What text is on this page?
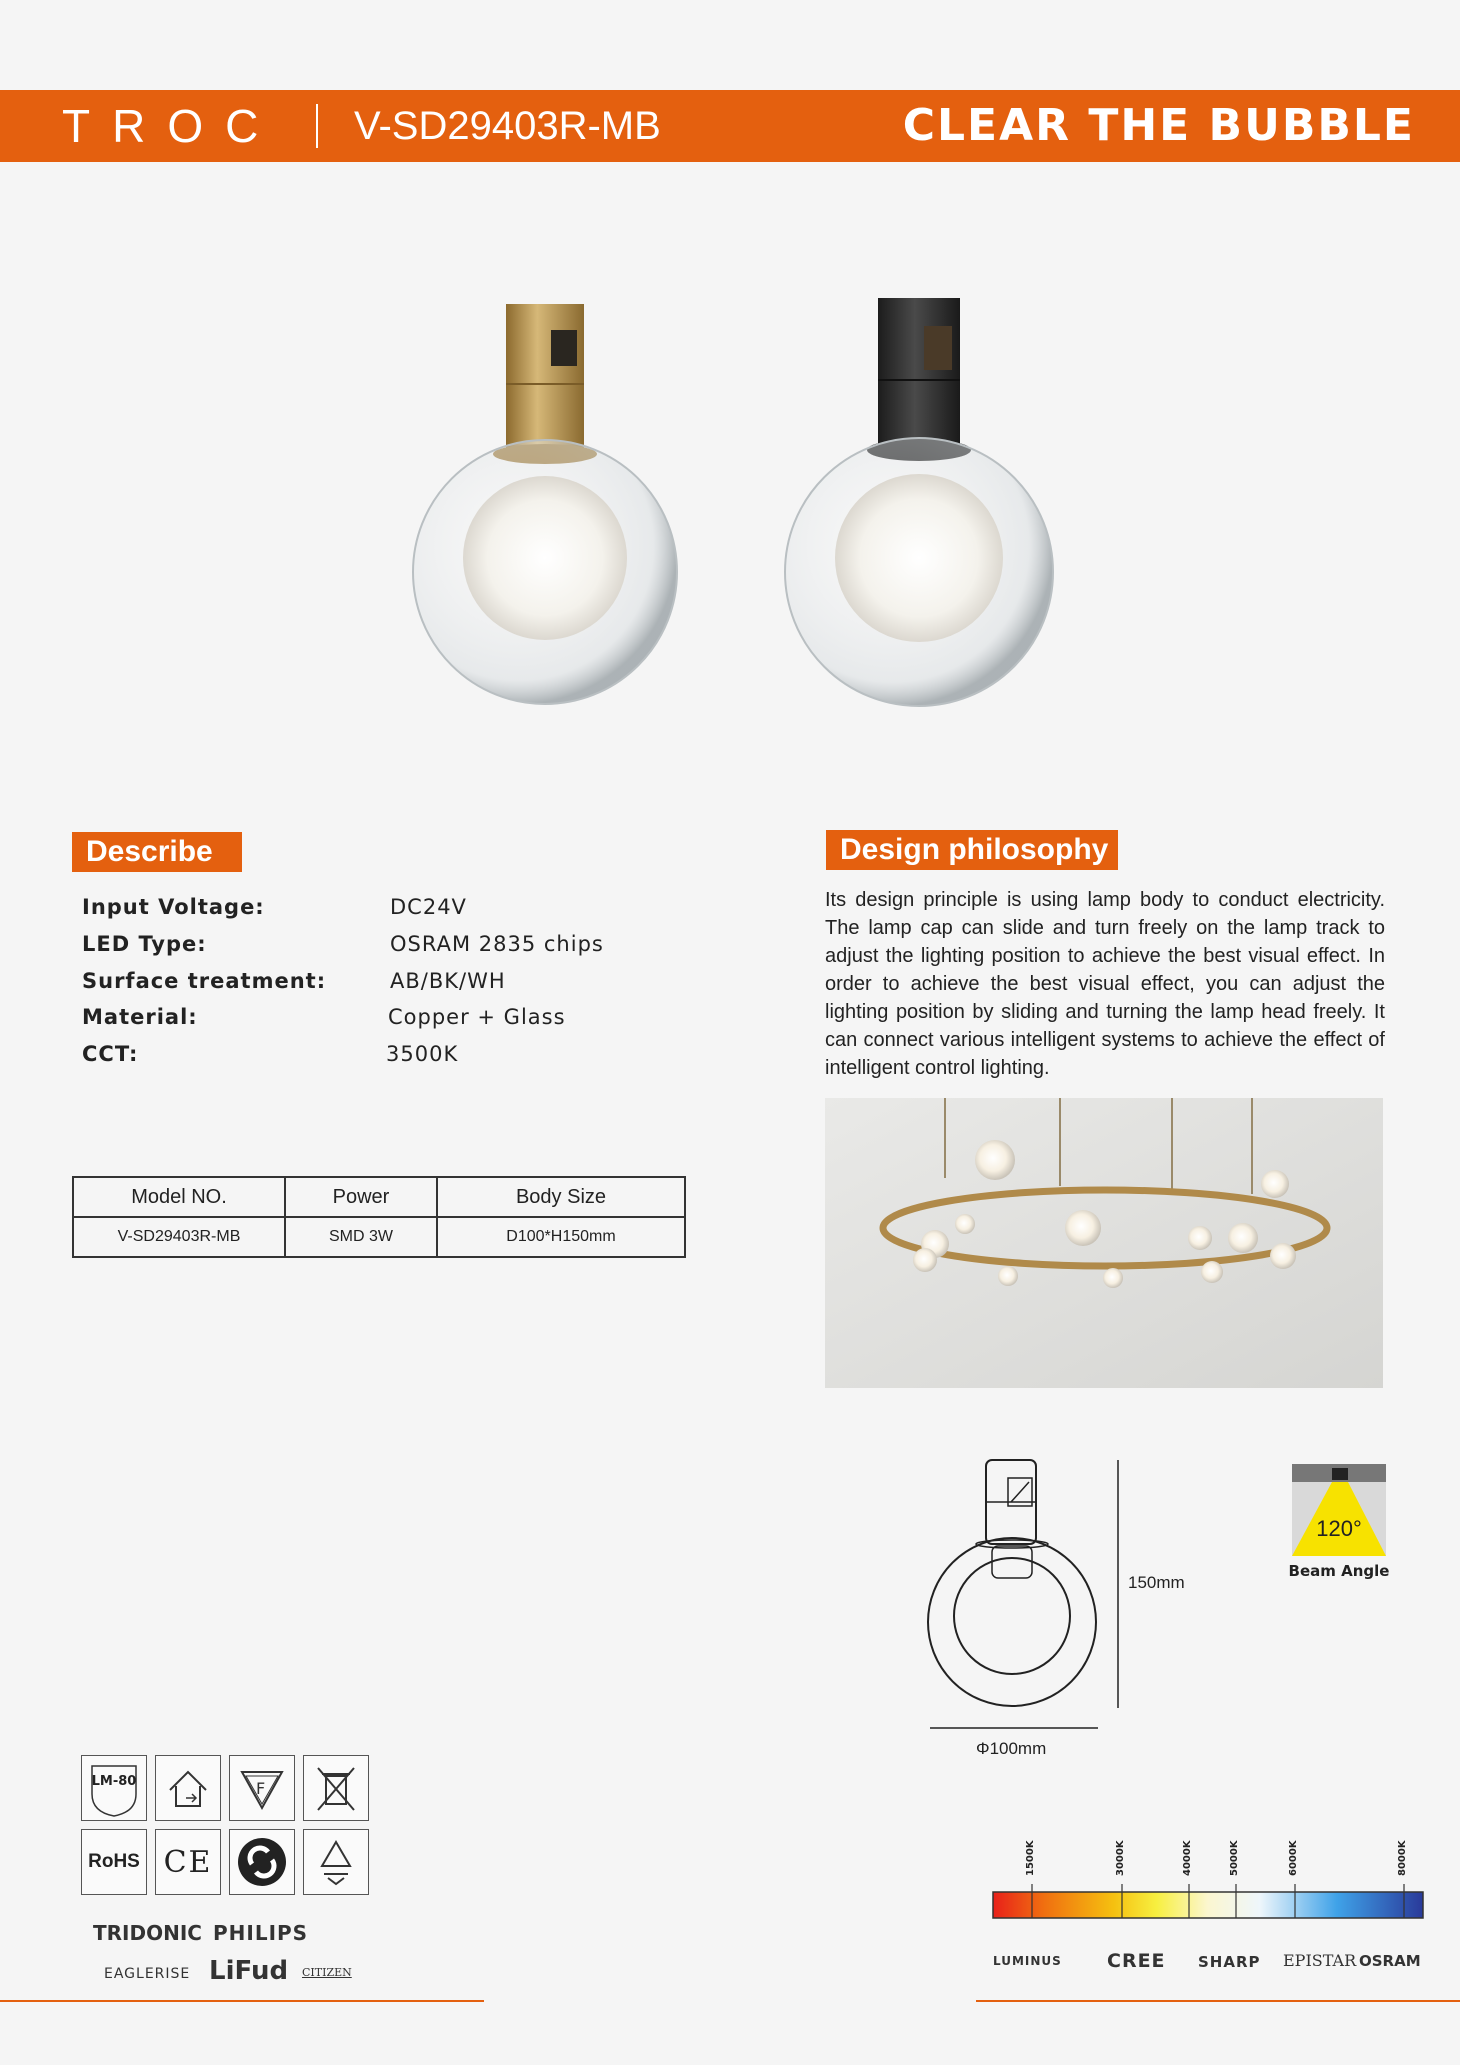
TROC V-SD29403R-MB	CLEAR THE BUBBLE
Describe
Input Voltage:	DC24V
LED Type:	OSRAM 2835 chips
Surface treatment:	AB/BK/WH
Material:	Copper + Glass
CCT:	3500K
Model NO.	Power	Body Size
V-SD29403R-MB	SMD 3W	D100*H150mm
Design philosophy
Its design principle is using lamp body to conduct electricity. The lamp cap can slide and turn freely on the lamp track to adjust the lighting position to achieve the best visual effect. In order to achieve the best visual effect, you can adjust the lighting position by sliding and turning the lamp head freely. It can connect various intelligent systems to achieve the effect of intelligent control lighting.
150mm
Φ100mm
120°
Beam Angle
LM-80	F
RoHS CE
TRIDONIC PHILIPS
EAGLERISE LiFud CITIZEN
1500K	3000K	4000K	5000K	6000K	8000K
LUMINUS CREE SHARP EPISTAR OSRAM
